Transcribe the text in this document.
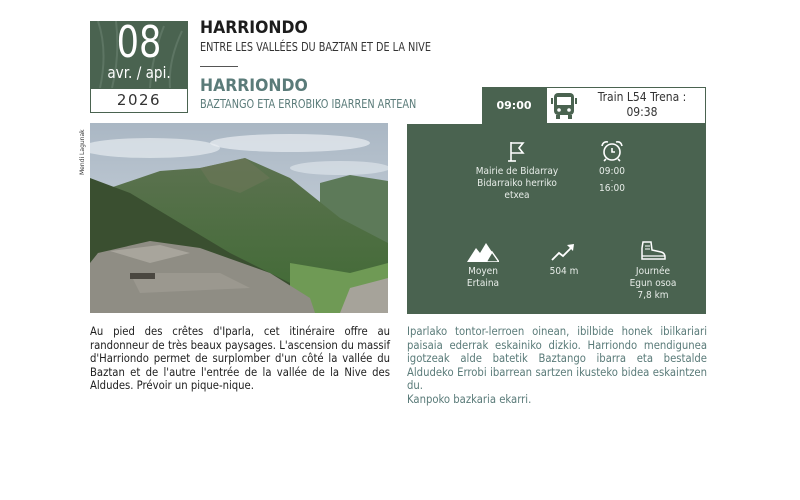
08
avr. / api.
2026
HARRIONDO
ENTRE LES VALLÉES DU BAZTAN ET DE LA NIVE
HARRIONDO
BAZTANGO ETA ERROBIKO IBARREN ARTEAN
Mendi Lagunak
09:00
Train L54 Trena :
09:38
Mairie de Bidarray
Bidarraiko herriko
etxea
09:00
-
16:00
Moyen
Ertaina
504 m	Journée
Egun osoa
7,8 km

Au pied des crêtes d'Iparla, cet itinéraire offre au randonneur de très beaux paysages. L'ascension du massif d'Harriondo permet de surplomber d'un côté la vallée du Baztan et de l'autre l'entrée de la vallée de la Nive des Aldudes. Prévoir un pique-nique.

Iparlako tontor-lerroen oinean, ibilbide honek ibilkariari paisaia ederrak eskainiko dizkio. Harriondo mendigunea igotzeak alde batetik Baztango ibarra eta bestalde Aldudeko Errobi ibarrean sartzen ikusteko bidea eskaintzen du.

Kanpoko bazkaria ekarri.
